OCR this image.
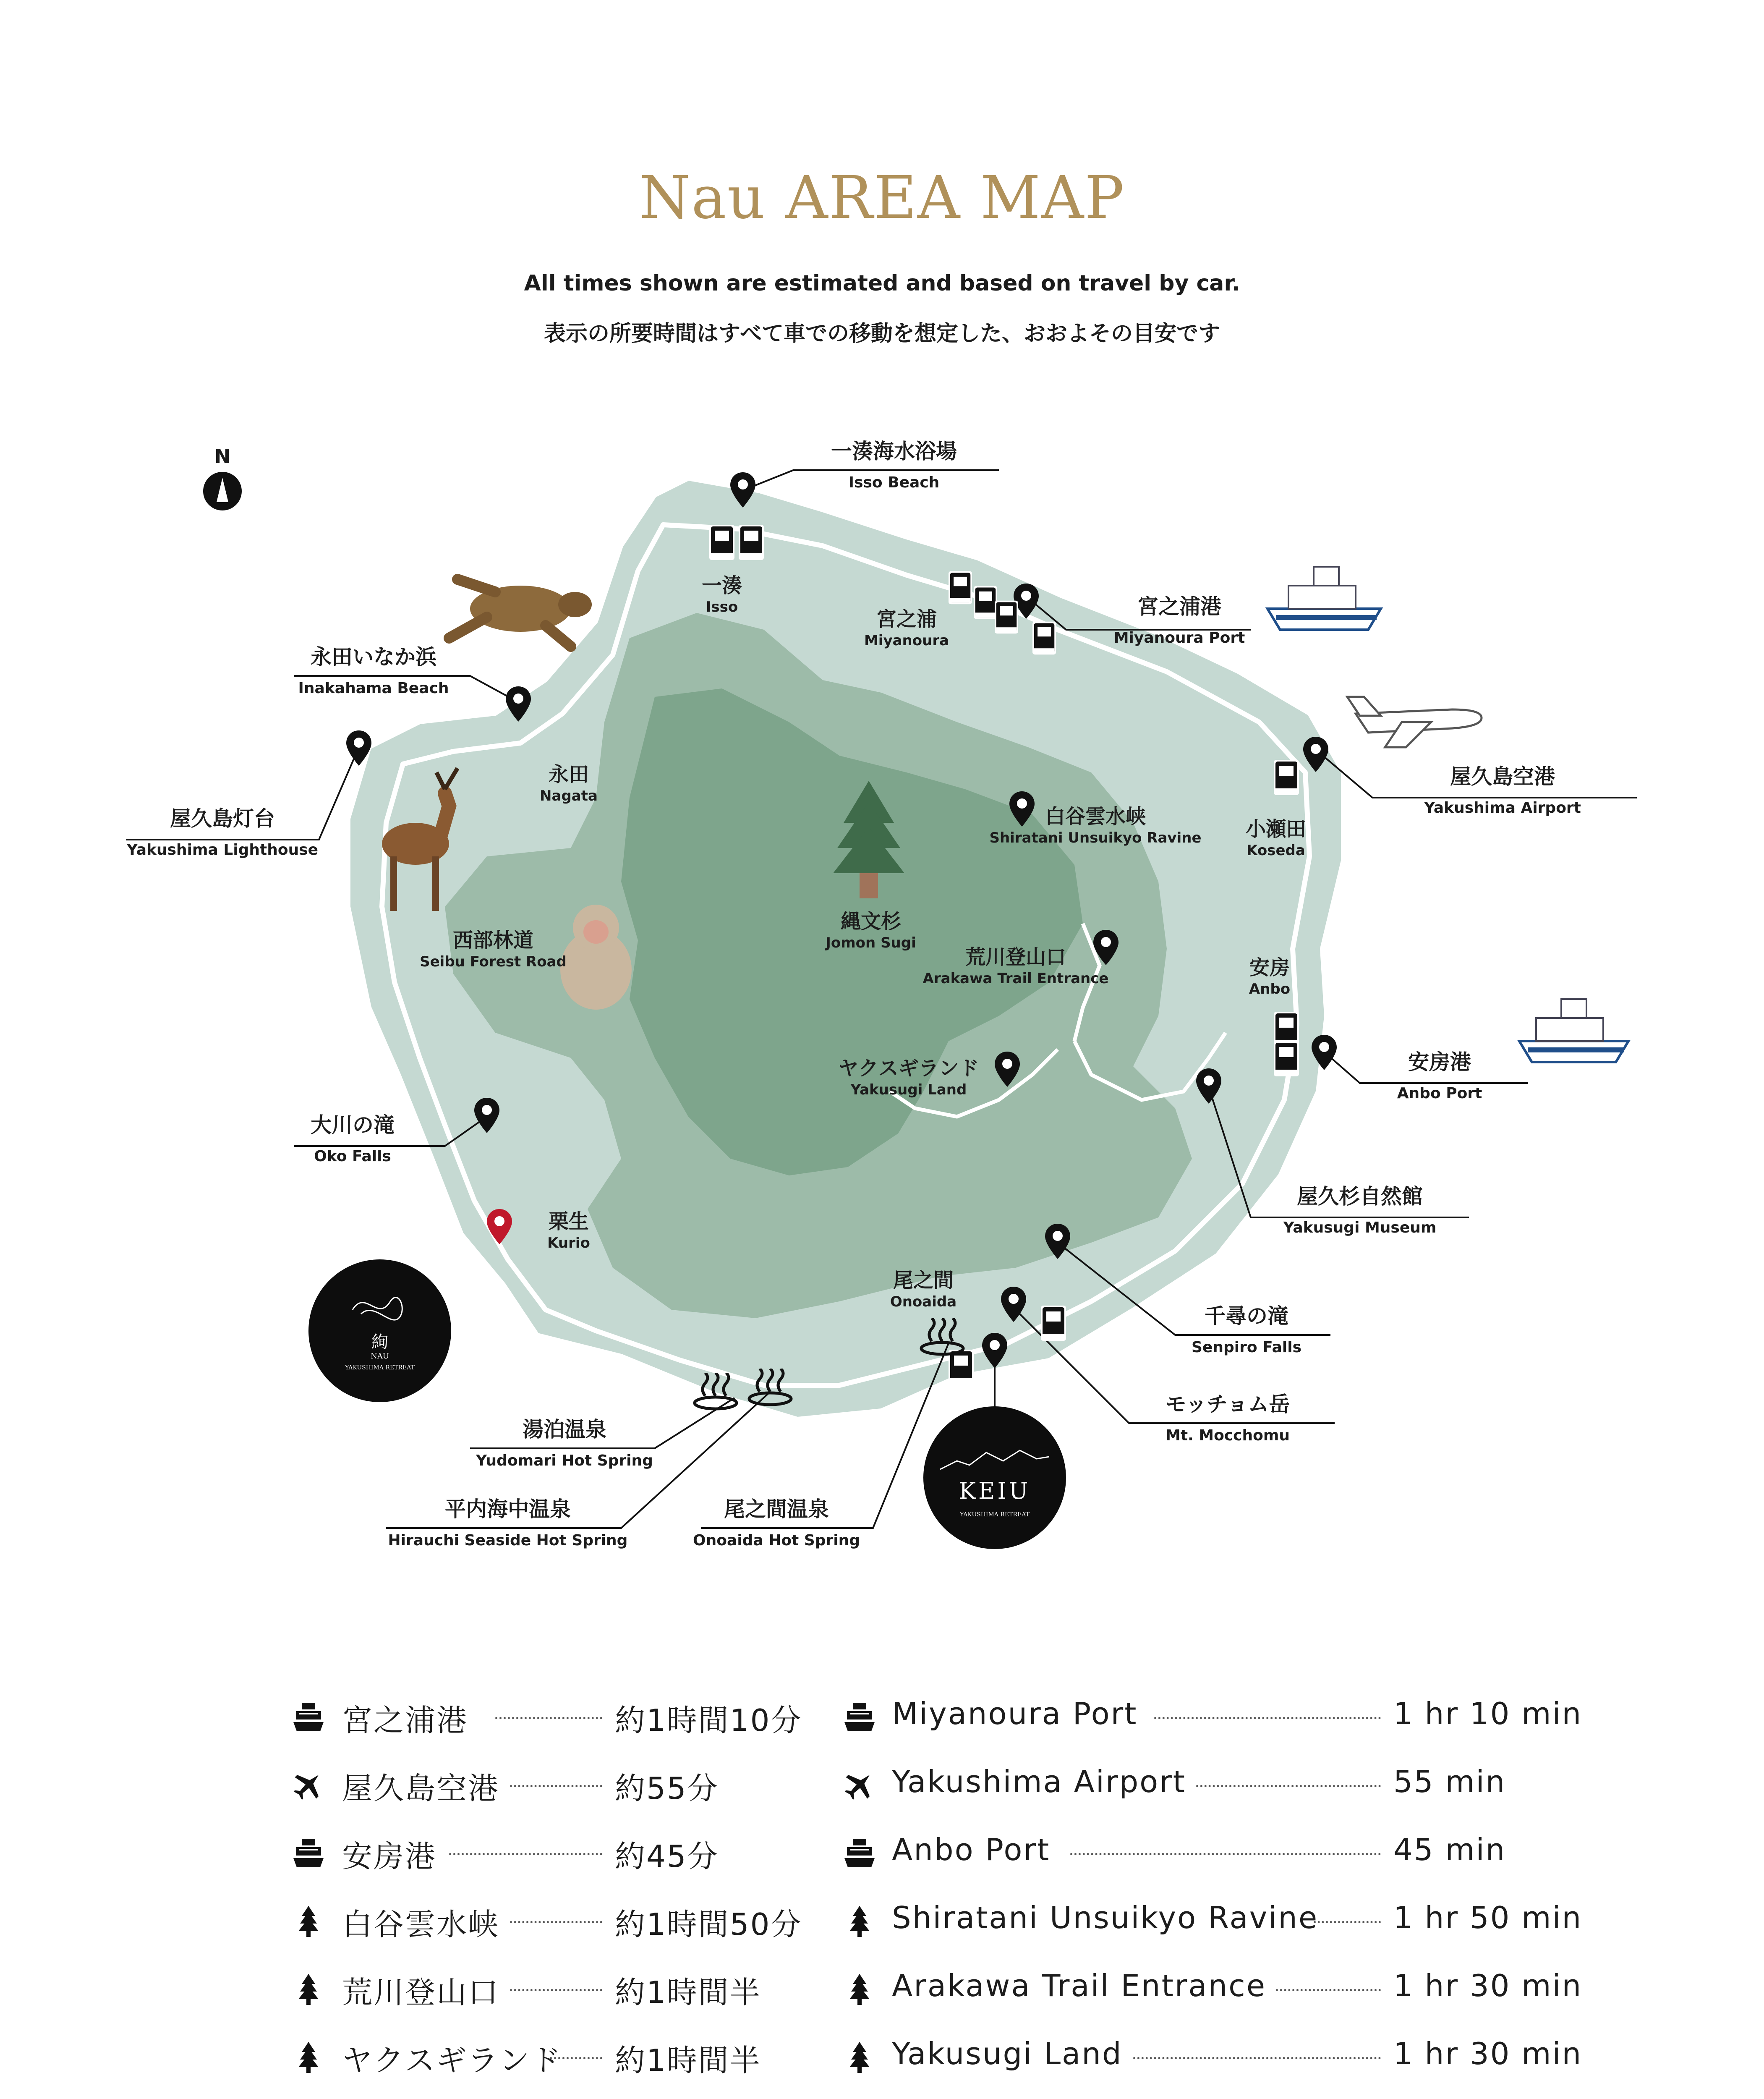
Nau AREA MAP
All times shown are estimated and based on travel by car.
表示の所要時間はすべて車での移動を想定した、おおよその目安です
N
絢
NAU
YAKUSHIMA RETREAT
KEIU
YAKUSHIMA RETREAT
一湊海水浴場
Isso Beach
宮之浦港
Miyanoura Port
永田いなか浜
Inakahama Beach
屋久島灯台
Yakushima Lighthouse
屋久島空港
Yakushima Airport
安房港
Anbo Port
大川の滝
Oko Falls
屋久杉自然館
Yakusugi Museum
千尋の滝
Senpiro Falls
モッチョム岳
Mt. Mocchomu
湯泊温泉
Yudomari Hot Spring
平内海中温泉
Hirauchi Seaside Hot Spring
尾之間温泉
Onoaida Hot Spring
一湊
Isso
宮之浦
Miyanoura
永田
Nagata
白谷雲水峡
Shiratani Unsuikyo Ravine 小瀬田
Koseda
縄文杉
Jomon Sugi
西部林道
Seibu Forest Road	荒川登山口
Arakawa Trail Entrance	安房
Anbo
ヤクスギランド
Yakusugi Land
栗生
Kurio
尾之間
Onoaida
宮之浦港	約1時間10分
屋久島空港	約55分
安房港	約45分
白谷雲水峡	約1時間50分
荒川登山口	約1時間半
ヤクスギランド 約1時間半
Miyanoura Port	1 hr 10 min
Yakushima Airport	55 min
Anbo Port	45 min
Shiratani Unsuikyo Ravine 1 hr 50 min
Arakawa Trail Entrance	1 hr 30 min
Yakusugi Land	1 hr 30 min
